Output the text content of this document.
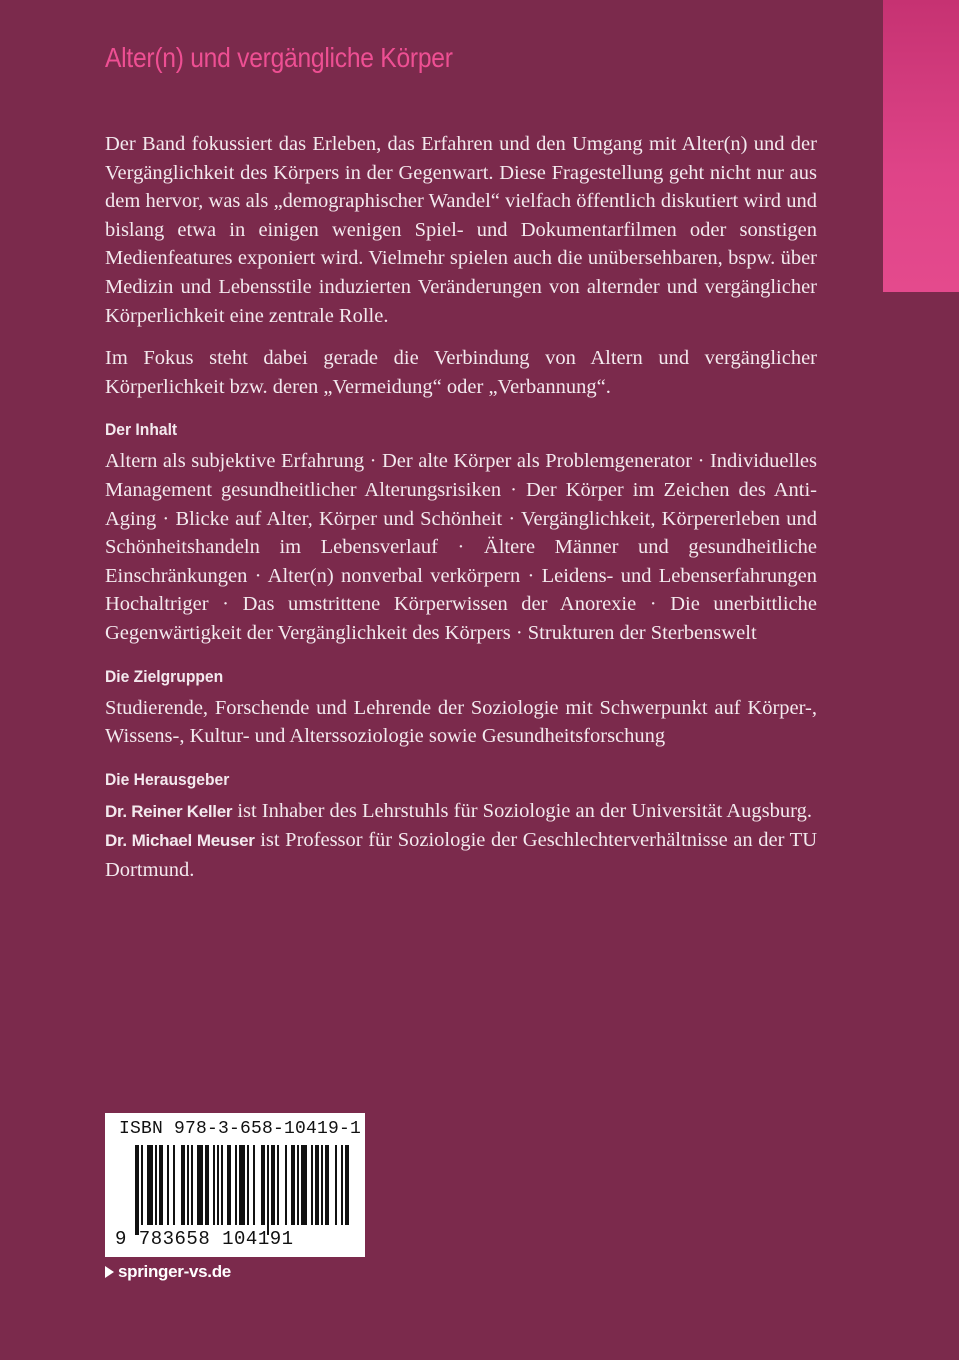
Alter(n) und vergängliche Körper

Der Band fokussiert das Erleben, das Erfahren und den Umgang mit Alter(n) und der Vergänglichkeit des Körpers in der Gegenwart. Diese Fragestellung geht nicht nur aus dem hervor, was als „demographischer Wandel“ vielfach öffentlich diskutiert wird und bislang etwa in einigen wenigen Spiel- und Dokumentarfilmen oder sonstigen Medienfeatures exponiert wird. Vielmehr spielen auch die unübersehbaren, bspw. über Medizin und Lebensstile induzierten Veränderungen von alternder und vergänglicher Körperlichkeit eine zentrale Rolle.

Im Fokus steht dabei gerade die Verbindung von Altern und vergänglicher Körperlichkeit bzw. deren „Vermeidung“ oder „Verbannung“.

Der Inhalt

Altern als subjektive Erfahrung · Der alte Körper als Problemgenerator · Individuelles Management gesundheitlicher Alterungsrisiken · Der Körper im Zeichen des Anti-Aging · Blicke auf Alter, Körper und Schönheit · Vergänglichkeit, Körpererleben und Schönheitshandeln im Lebensverlauf · Ältere Männer und gesundheitliche Einschränkungen · Alter(n) nonverbal verkörpern · Leidens- und Lebenserfahrungen Hochaltriger · Das umstrittene Körperwissen der Anorexie · Die unerbittliche Gegenwärtigkeit der Vergänglichkeit des Körpers · Strukturen der Sterbenswelt

Die Zielgruppen

Studierende, Forschende und Lehrende der Soziologie mit Schwerpunkt auf Körper-, Wissens-, Kultur- und Alterssoziologie sowie Gesundheitsforschung

Die Herausgeber

Dr. Reiner Keller ist Inhaber des Lehrstuhls für Soziologie an der Universität Augsburg.

Dr. Michael Meuser ist Professor für Soziologie der Geschlechterverhältnisse an der TU Dortmund.

ISBN 978-3-658-10419-1
9 783658 104191
springer-vs.de
